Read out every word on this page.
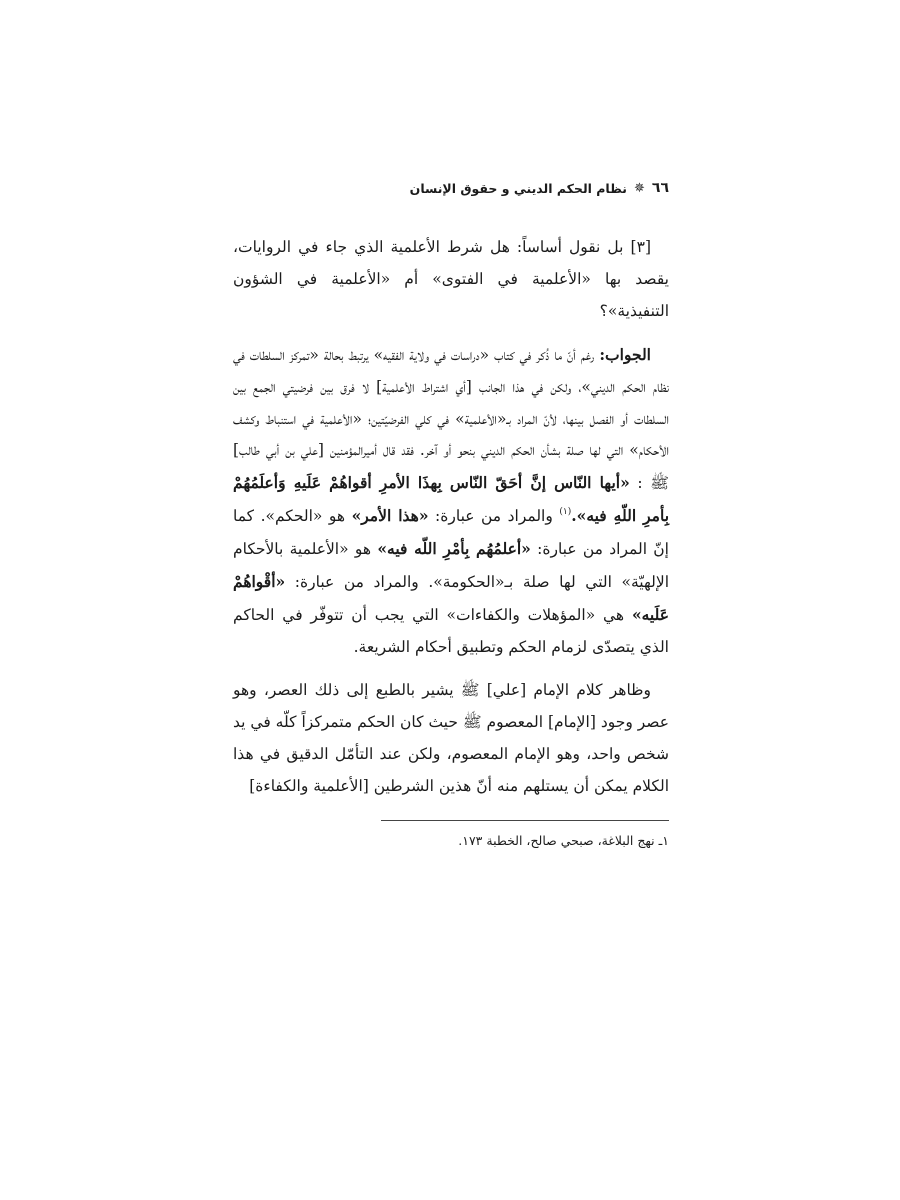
٦٦
✵
نظام الحكم الديني و حقوق الإنسان

[٣] بل نقول أساساً: هل شرط الأعلمية الذي جاء في الروايات، يقصد بها «الأعلمية في الفتوى» أم «الأعلمية في الشؤون التنفيذية»؟

الجواب: رغم أنّ ما ذُكر في كتاب «دراسات في ولاية الفقيه» يرتبط بحالة «تمركز السلطات في نظام الحكم الديني»، ولكن في هذا الجانب [أي اشتراط الأعلمية] لا فرق بين فرضيتي الجمع بين السلطات أو الفصل بينها، لأنّ المراد بـ«الأعلمية» في كلي الفرضيّتين؛ «الأعلمية في استنباط وكشف الأحكام» التي لها صلة بشأن الحكم الديني بنحو أو آخر. فقد قال أميرالمؤمنين [علي بن أبي طالب] ﷺ : «أيها النّاس إنَّ أحَقّ النّاس بِهذَا الأمرِ أقواهُمْ عَلَيهِ وَأعلَمُهُمْ بِأمرِ اللّهِ فيه».$^{(١)}$ والمراد من عبارة: «هذا الأمر» هو «الحكم». كما إنّ المراد من عبارة: «أعلمُهُم بِأمْرِ اللّه فيه» هو «الأعلمية بالأحكام الإلهيّة» التي لها صلة بـ«الحكومة». والمراد من عبارة: «أقْواهُمْ عَلَيه» هي «المؤهلات والكفاءات» التي يجب أن تتوفّر في الحاكم الذي يتصدّى لزمام الحكم وتطبيق أحكام الشريعة.

وظاهر كلام الإمام [علي] ﷺ يشير بالطبع إلى ذلك العصر، وهو عصر وجود [الإمام] المعصوم ﷺ حيث كان الحكم متمركزاً كلّه في يد شخص واحد، وهو الإمام المعصوم، ولكن عند التأمّل الدقيق في هذا الكلام يمكن أن يستلهم منه أنّ هذين الشرطين [الأعلمية والكفاءة]

١ـ نهج البلاغة، صبحي صالح، الخطبة ١٧٣.
